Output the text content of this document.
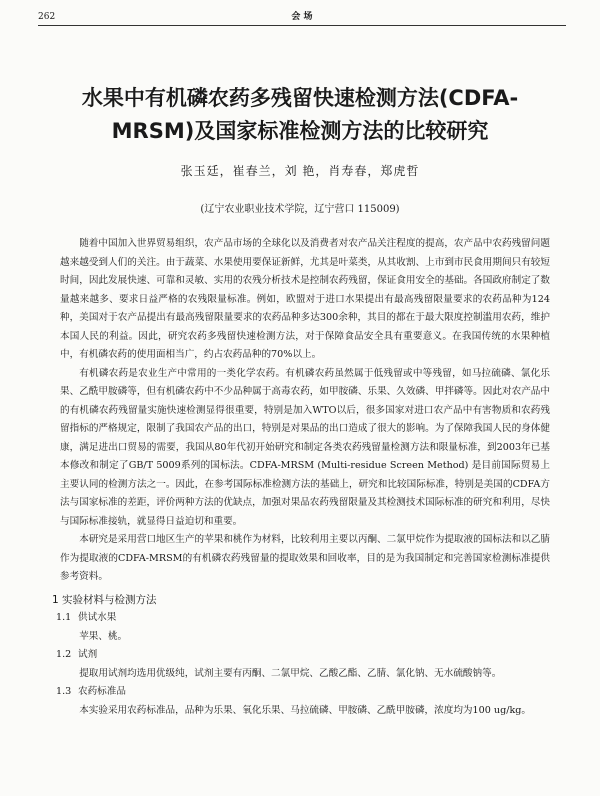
262	会 场
水果中有机磷农药多残留快速检测方法(CDFA-MRSM)及国家标准检测方法的比较研究

张玉廷，崔春兰，刘 艳，肖寿春，郑虎哲

(辽宁农业职业技术学院，辽宁营口 115009)

随着中国加入世界贸易组织，农产品市场的全球化以及消费者对农产品关注程度的提高，农产品中农药残留问题越来越受到人们的关注。由于蔬菜、水果使用要保证新鲜，尤其是叶菜类，从其收割、上市到市民食用期间只有较短时间，因此发展快速、可靠和灵敏、实用的农残分析技术是控制农药残留，保证食用安全的基础。各国政府制定了数量越来越多、要求日益严格的农残限量标准。例如，欧盟对于进口水果提出有最高残留限量要求的农药品种为124种，美国对于农产品提出有最高残留限量要求的农药品种多达300余种，其目的都在于最大限度控制滥用农药，维护本国人民的利益。因此，研究农药多残留快速检测方法，对于保障食品安全具有重要意义。在我国传统的水果种植中，有机磷农药的使用面相当广，约占农药品种的70%以上。

有机磷农药是农业生产中常用的一类化学农药。有机磷农药虽然属于低残留或中等残留，如马拉硫磷、氯化乐果、乙酰甲胺磷等，但有机磷农药中不少品种属于高毒农药，如甲胺磷、乐果、久效磷、甲拌磷等。因此对农产品中的有机磷农药残留量实施快速检测显得很重要，特别是加入WTO以后，很多国家对进口农产品中有害物质和农药残留指标的严格规定，限制了我国农产品的出口，特别是对果品的出口造成了很大的影响。为了保障我国人民的身体健康，满足进出口贸易的需要，我国从80年代初开始研究和制定各类农药残留量检测方法和限量标准，到2003年已基本修改和制定了GB/T 5009系列的国标法。CDFA-MRSM (Multi-residue Screen Method) 是目前国际贸易上主要认同的检测方法之一。因此，在参考国际标准检测方法的基础上，研究和比较国际标准，特别是美国的CDFA方法与国家标准的差距，评价两种方法的优缺点，加强对果品农药残留限量及其检测技术国际标准的研究和利用，尽快与国际标准接轨，就显得日益迫切和重要。

本研究是采用营口地区生产的苹果和桃作为材料，比较利用主要以丙酮、二氯甲烷作为提取液的国标法和以乙腈作为提取液的CDFA-MRSM的有机磷农药残留量的提取效果和回收率，目的是为我国制定和完善国家检测标准提供参考资料。

1 实验材料与检测方法

1.1 供试水果

苹果、桃。

1.2 试剂

提取用试剂均选用优级纯，试剂主要有丙酮、二氯甲烷、乙酸乙酯、乙腈、氯化钠、无水硫酸钠等。

1.3 农药标准品

本实验采用农药标准品，品种为乐果、氧化乐果、马拉硫磷、甲胺磷、乙酰甲胺磷，浓度均为100 ug/kg。
